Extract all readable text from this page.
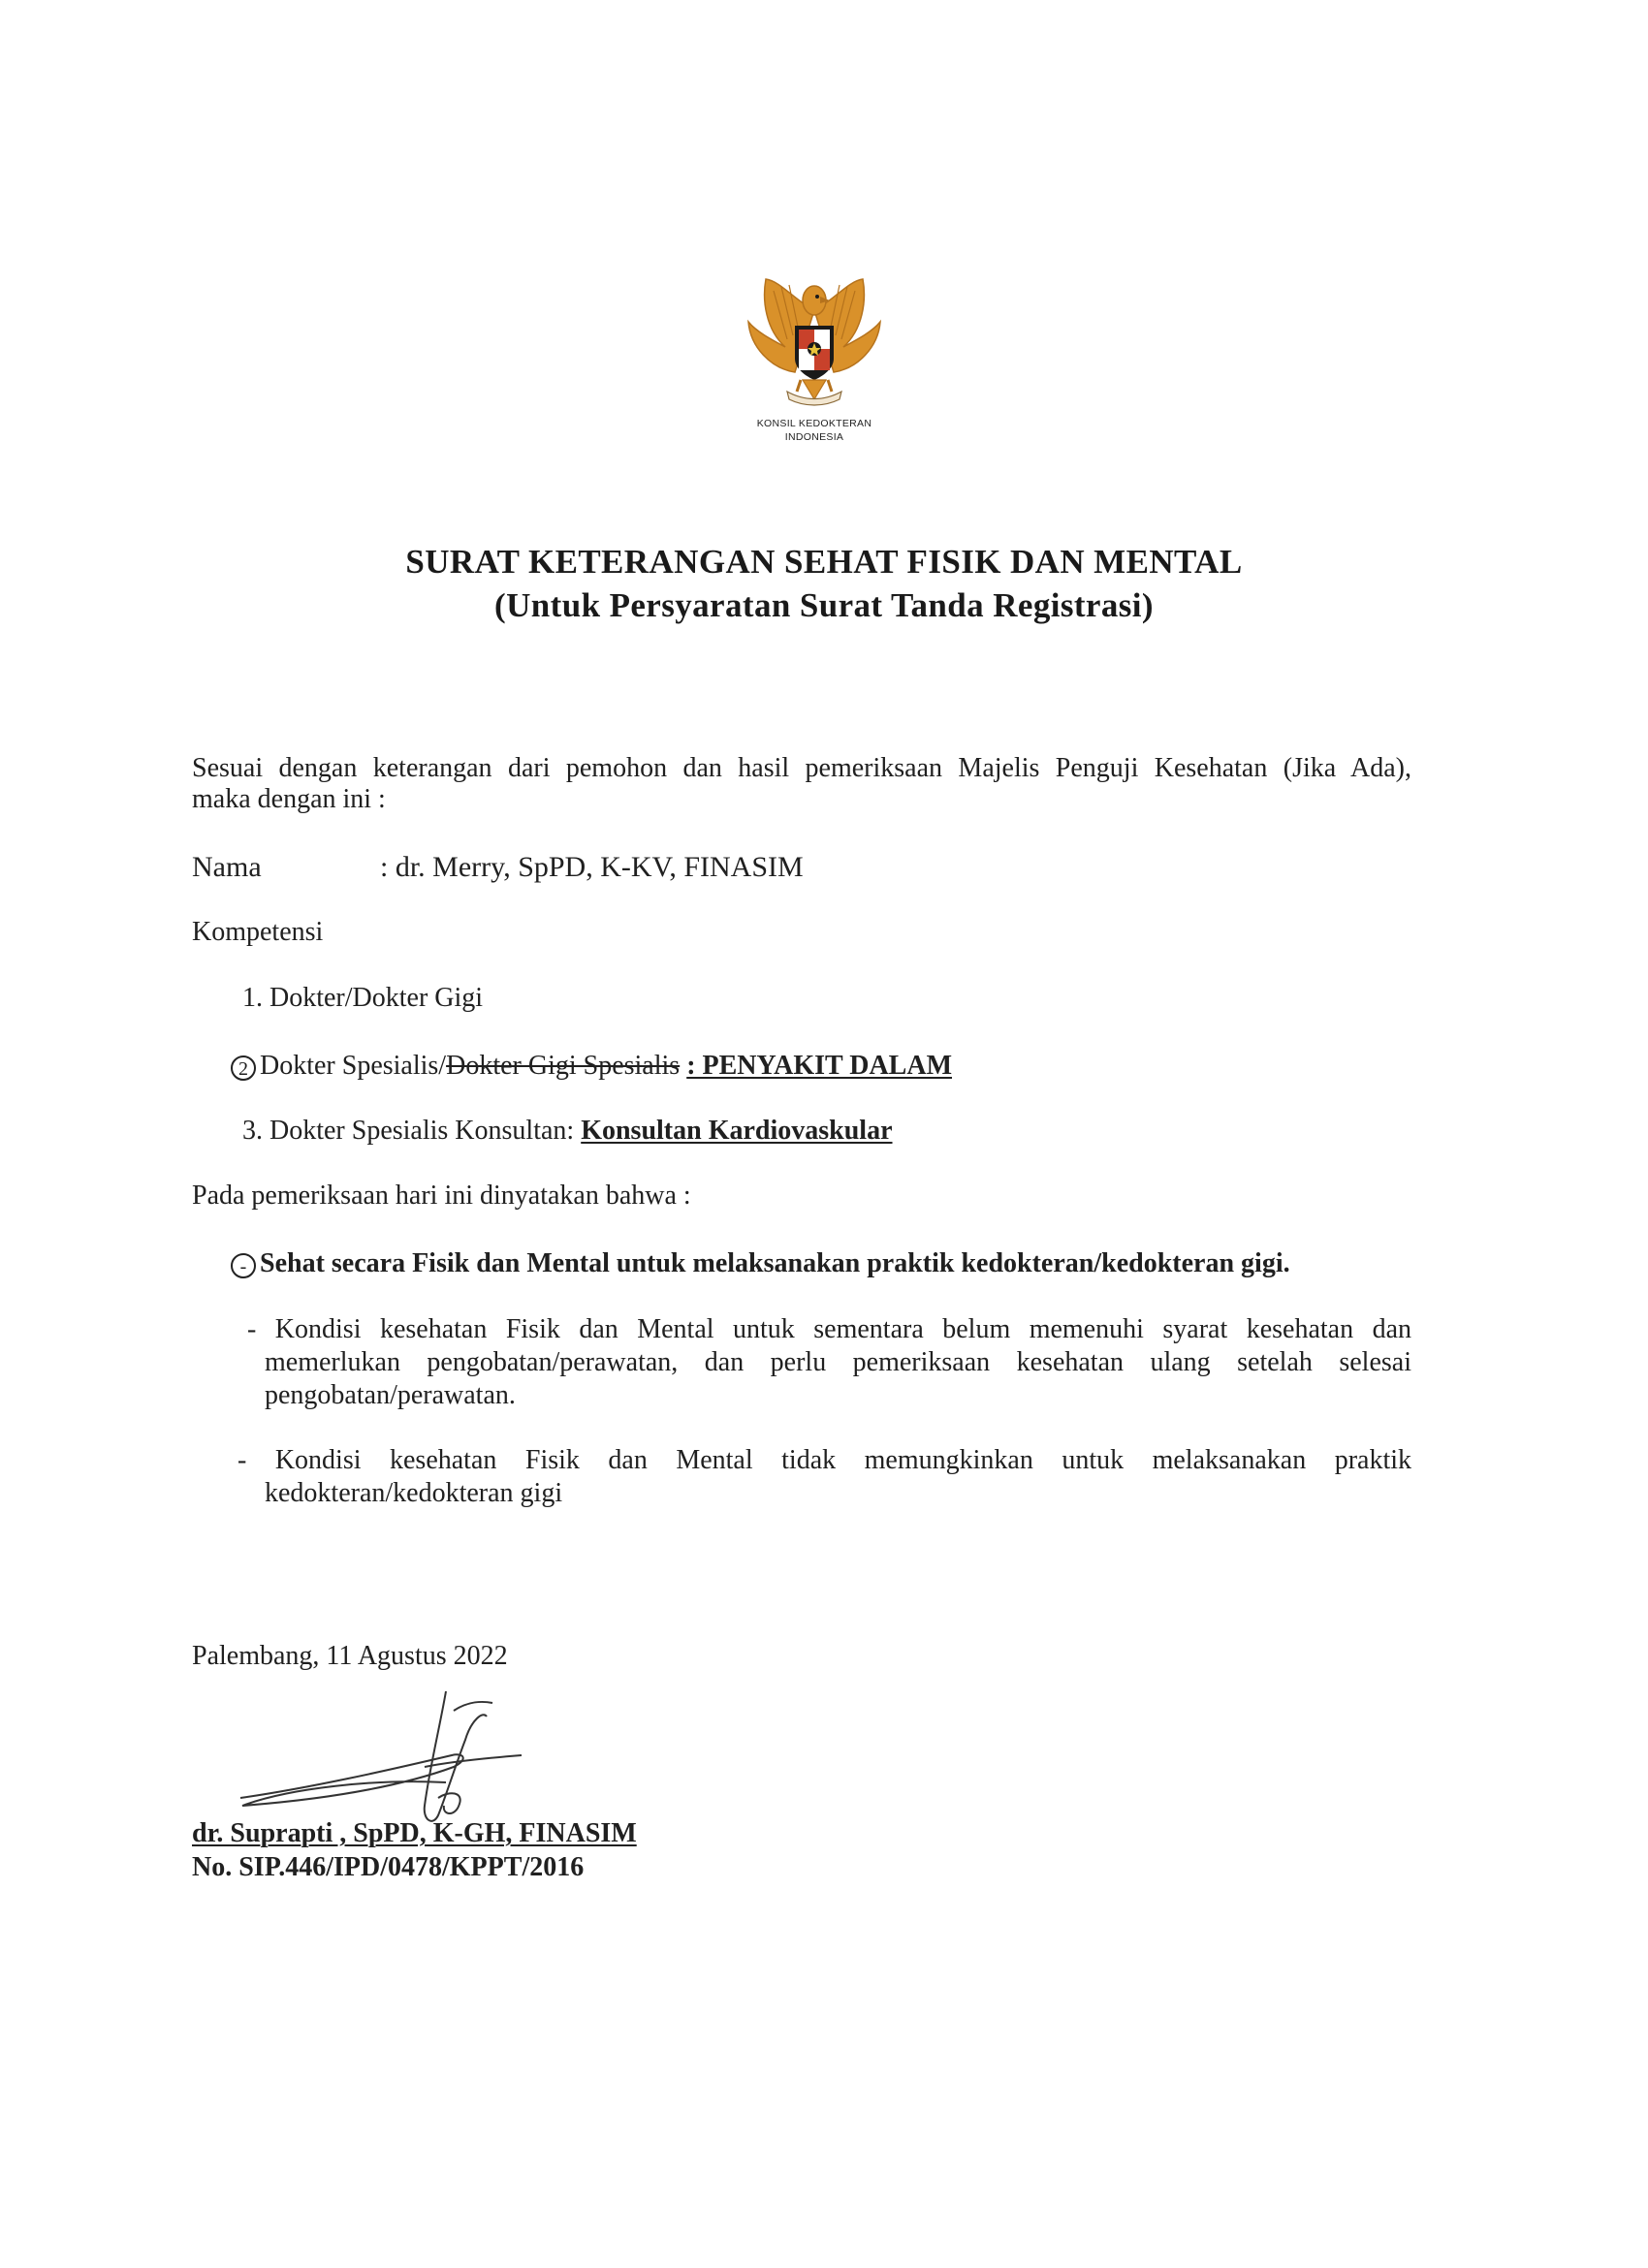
KONSIL KEDOKTERAN
INDONESIA
SURAT KETERANGAN SEHAT FISIK DAN MENTAL
(Untuk Persyaratan Surat Tanda Registrasi)
Sesuai dengan keterangan dari pemohon dan hasil pemeriksaan Majelis Penguji Kesehatan (Jika Ada),
maka dengan ini :
Nama	: dr. Merry, SpPD, K-KV, FINASIM
Kompetensi
1. Dokter/Dokter Gigi
2 Dokter Spesialis/Dokter Gigi Spesialis : PENYAKIT DALAM
3. Dokter Spesialis Konsultan: Konsultan Kardiovaskular
Pada pemeriksaan hari ini dinyatakan bahwa :
- Sehat secara Fisik dan Mental untuk melaksanakan praktik kedokteran/kedokteran gigi.
- Kondisi kesehatan Fisik dan Mental untuk sementara belum memenuhi syarat kesehatan dan
memerlukan pengobatan/perawatan, dan perlu pemeriksaan kesehatan ulang setelah selesai
pengobatan/perawatan.
- Kondisi kesehatan Fisik dan Mental tidak memungkinkan untuk melaksanakan praktik
kedokteran/kedokteran gigi
Palembang, 11 Agustus 2022
dr. Suprapti , SpPD, K-GH, FINASIM
No. SIP.446/IPD/0478/KPPT/2016
